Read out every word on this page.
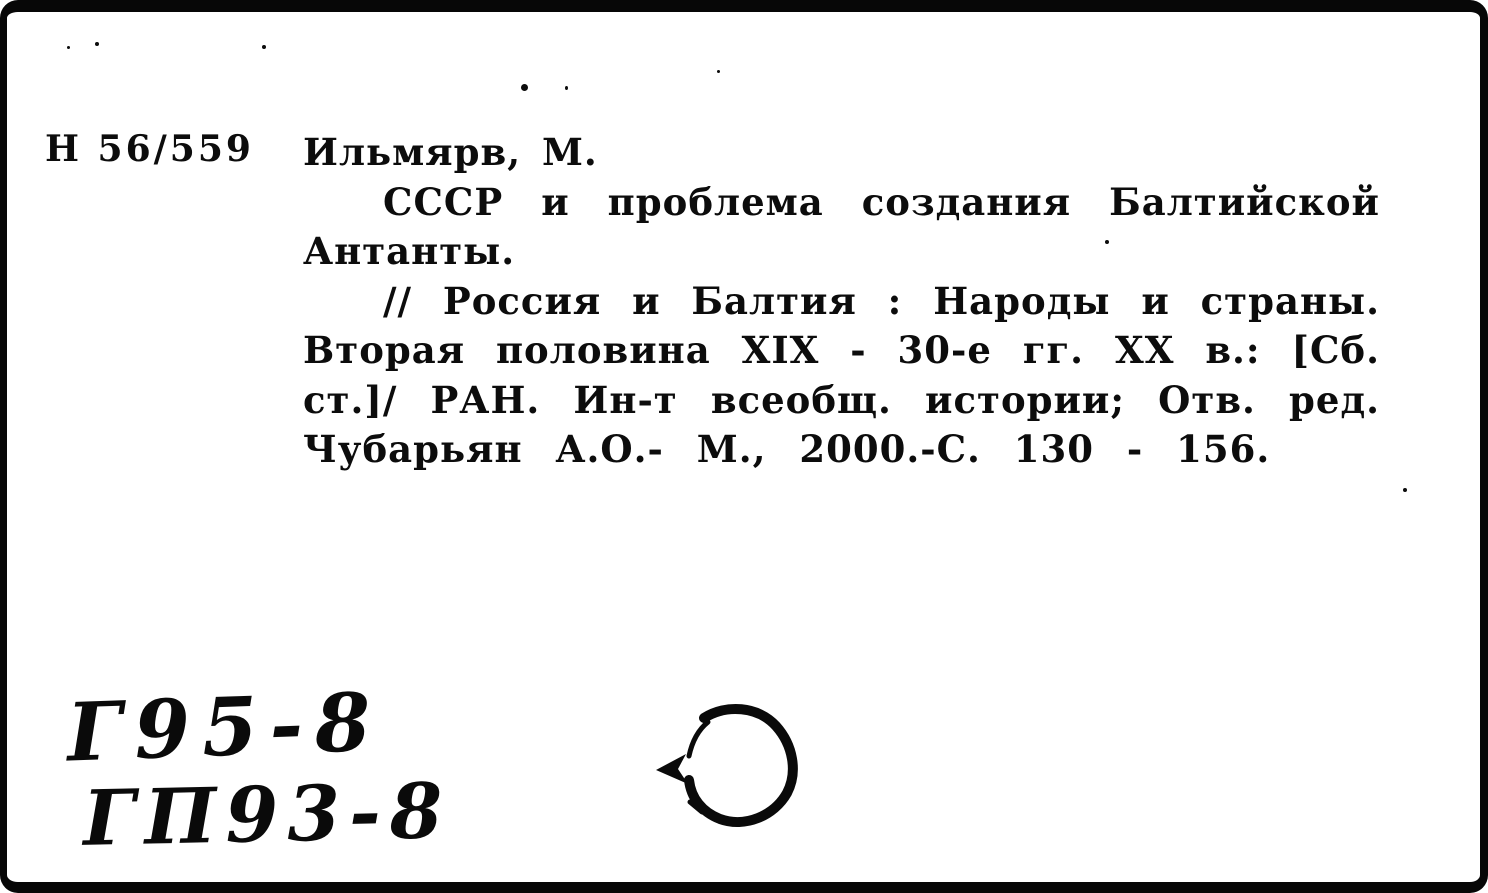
Н 56/559 Ильмярв, М.
СССР и проблема создания Балтийской
Антанты.
// Россия и Балтия : Народы и страны.
Вторая половина XIX - 30-е гг. XX в.: [Сб.
ст.]/ РАН. Ин-т всеобщ. истории; Отв. ред.
Чубарьян А.О.- М., 2000.-С. 130 - 156.
Г95-8
ГП93-8
